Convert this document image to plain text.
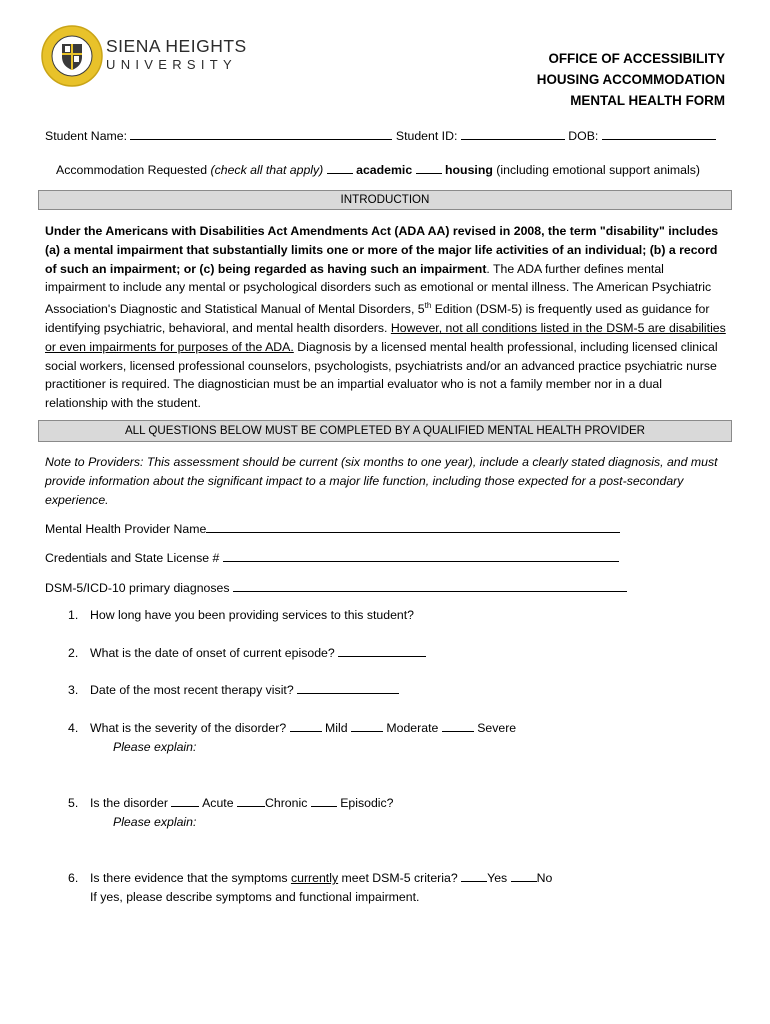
SIENA HEIGHTS
UNIVERSITY	OFFICE OF ACCESSIBILITY
HOUSING ACCOMMODATION
MENTAL HEALTH FORM
Student Name:	Student ID:	DOB:
Accommodation Requested (check all that apply)	academic	housing (including emotional support animals)
INTRODUCTION
Under the Americans with Disabilities Act Amendments Act (ADA AA) revised in 2008, the term "disability" includes (a) a mental impairment that substantially limits one or more of the major life activities of an individual; (b) a record of such an impairment; or (c) being regarded as having such an impairment. The ADA further defines mental impairment to include any mental or psychological disorders such as emotional or mental illness. The American Psychiatric Association's Diagnostic and Statistical Manual of Mental Disorders, 5th Edition (DSM-5) is frequently used as guidance for identifying psychiatric, behavioral, and mental health disorders. However, not all conditions listed in the DSM-5 are disabilities or even impairments for purposes of the ADA. Diagnosis by a licensed mental health professional, including licensed clinical social workers, licensed professional counselors, psychologists, psychiatrists and/or an advanced practice psychiatric nurse practitioner is required. The diagnostician must be an impartial evaluator who is not a family member nor in a dual relationship with the student.
ALL QUESTIONS BELOW MUST BE COMPLETED BY A QUALIFIED MENTAL HEALTH PROVIDER
Note to Providers: This assessment should be current (six months to one year), include a clearly stated diagnosis, and must provide information about the significant impact to a major life function, including those expected for a post-secondary experience.
Mental Health Provider Name
Credentials and State License #
DSM-5/ICD-10 primary diagnoses
1. How long have you been providing services to this student?
2. What is the date of onset of current episode?
3. Date of the most recent therapy visit?
4. What is the severity of the disorder?	Mild	Moderate	Severe
Please explain:
5. Is the disorder	Acute	Chronic	Episodic?
Please explain:
6. Is there evidence that the symptoms currently meet DSM-5 criteria? Yes No
If yes, please describe symptoms and functional impairment.
